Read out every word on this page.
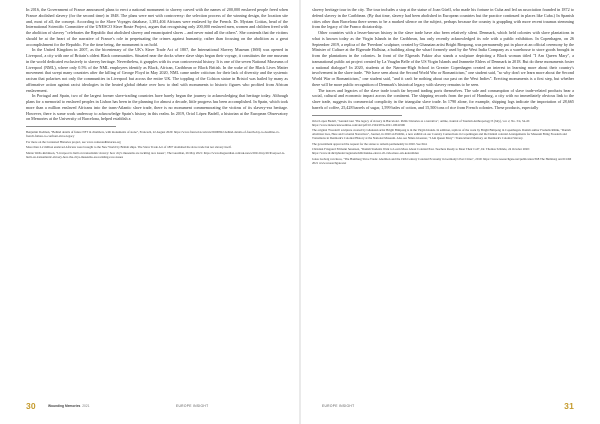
In 2016, the Government of France announced plans to erect a national monument to slavery carved with the names of 200,000 enslaved people freed when France abolished slavery (for the second time) in 1848. The plans were met with controversy: the selection process of the winning design, the location site and, most of all, the concept. According to the Slave Voyages database, 1,381,404 Africans were enslaved by the French. Dr. Myriam Cottias, head of the International Scientific Committee of the UNESCO Slave Route Project, argues that recognising only 200,000 enslaved men, women and children freed with the abolition of slavery "celebrates the Republic that abolished slavery and emancipated slaves – and never mind all the others". She contends that the victims should be at the heart of the narrative of France's role in perpetuating the crimes against humanity, rather than focusing on the abolition as a great accomplishment for the Republic. For the time being, the monument is on hold.

In the United Kingdom in 2007, as the bicentenary of the UK's Slave Trade Act of 1807, the International Slavery Museum (ISM) was opened in Liverpool, a city with one of Britain's oldest Black communities. Situated near the docks where slave ships began their voyage, it constitutes the one museum in the world dedicated exclusively to slavery heritage. Nevertheless, it grapples with its own controversial history. It is one of the seven National Museums of Liverpool (NML), where only 0.5% of the NML employees identify as Black, African, Caribbean or Black British. In the wake of the Black Lives Matter movement that swept many countries after the killing of George Floyd in May 2020, NML came under criticism for their lack of diversity and the systemic racism that polarises not only the communities in Liverpool but across the entire UK. The toppling of the Colston statue in Bristol was hailed by many as affirmative action against racist ideologies in the heated global debate over how to deal with monuments to historic figures who profited from African enslavement.

In Portugal and Spain, two of the largest former slave-trading countries have barely begun the journey to acknowledging that heritage today. Although plans for a memorial to enslaved peoples in Lisbon has been in the planning for almost a decade, little progress has been accomplished. In Spain, which took more than a million enslaved Africans into the trans-Atlantic slave trade, there is no monument commemorating the victims of its slavery-era heritage. However, there is some work underway to acknowledge Spain's history in this realm. In 2019, Oriol López Badell, a historian at the European Observatory on Memories at the University of Barcelona, helped establish a

Benjamin Dodman, "Behind details of future NFT in chambers, with monuments of stone", France24, 22 August 2020: https://www.france24.com/en/20200822-behind-details-of-fourth-day-to-deadline-vs-french-failure-to-confront-slave-legacy
For more on the Contested Histories project, see www.contestedhistories.org
More than 2.2 million enslaved Africans were brought to the New World by British ships. The Slave Trade Act of 1807 abolished the slave trade but not slavery itself.
Maxie Wells-Robinson, "Liverpool is built on transatlantic slavery: how city's museums are tackling race issues", The Guardian, 26 May 2021: https://www.theguardian.com/uk-news/2021/may/26/liverpool-is-built-on-transatlantic-slavery-how-the-citys-museums-are-tackling-race-issues
30	Wounding Memories 2021	EUROPE INSIGHT

slavery heritage tour in the city. The tour includes a stop at the statue of Joan Güell, who made his fortune in Cuba and led an association founded in 1872 to defend slavery in the Caribbean. (By that time, slavery had been abolished in European countries but the practice continued in places like Cuba.) In Spanish cities other than Barcelona there seems to be a marked silence on the subject, perhaps because the country is grappling with more recent traumas stemming from the legacy of the Franco dictatorship.

Other countries with a lesser-known history in the slave trade have also been relatively silent. Denmark, which held colonies with slave plantations in what is known today as the Virgin Islands in the Caribbean, has only recently acknowledged its role with a public exhibition. In Copenhagen, on 26 September 2019, a replica of the 'Freedom' sculpture, created by Ghanaian artist Bright Bimpong, was permanently put in place at an official ceremony by the Minister of Culture at the Elgreade Hallstaa, a building along the wharf formerly used by the West India Company as a warehouse to store goods brought in from the plantations in the colonies. In front of the Elgreads Faktor also stands a sculpture depicting a Black woman titled "I Am Queen Mary", a transnational public art project created by La Vaughn Belle of the US Virgin Islands and Jeannette Ehlers of Denmark in 2018. But do these monuments foster a national dialogue? In 2020, students at the Nørrum-High School in Greater Copenhagen created an interest in learning more about their country's involvement in the slave trade. "We have seen about the Second World War or Romanticism," one student said, "so why don't we learn more about the Second World War or Romanticism," one student said, "and it can't be nothing about our past on the West Indies". Erecting monuments is a first step, but whether there will be more public recognition of Denmark's historical legacy with slavery remains to be seen.

The traces and legacies of the slave trade touch far beyond trading ports themselves. The sale and consumption of slave trade-related products bear a social, cultural and economic impact across the continent. The shipping records from the port of Hamburg, a city with no immediately obvious link to the slave trade, suggests its commercial complicity in the triangular slave trade. In 1790 alone, for example, shipping logs indicate the importation of 28,665 barrels of coffee, 25,428 barrels of sugar, 1,599 bales of cotton, and 15,500 tons of rice from French colonies. These products, especially

Oriol López Badell, "Ganded tour 'The legacy of slavery in Barcelona'. Public histories as a narrative", online, Journal of Tourism Anthropology 8 (July), vol. 2, No. 3/4, 34-45: https://www.inderscienceonline.com/doi/pdf/10.1504/IJTA.2021.10041996
The original 'Freedom' sculpture created by Ghanaian artist Bright Bimpong is in the Virgin Islands. In addition, replicas of the work by Bright Bimpong in Copenhagen. Danish author Frederik Rhink, "Danish Abolition Lies, Here and Colonial Narratives", Journal, in 2020 an Exhibit, a new exhibit on our Country Connections in Copenhagen and the Danish colonial Arrangements for Museum Bring Freedom and Transitions in Denmark's Colonial History at the National Museum. Also see Ninna Glaesner, "I Am Queen Mary": Transcultural Memory on Denmark's Colonial Slavery.
The government approved the request for the statue to remain permanently in 2020. See Ibid.
Christian Frisgaard Frimann Sørensen, "Danish Students Want to Learn More About Colonial Past. Teachers Ready to Meet Their Call", Dr. Thomas Schmöe, 24 October 2020: https://www.dr.dk/nyheder/regionale/kbh/danske-elever-vil-vide-mere-om-kolonitiden
Jonas Ludwig von Rosa, "The Hamburg Slave Trade: Abolition and the 19th Century Colonial Economy in Germany's Port Cities", 2019: https://www.researchgate.net/publication/368 The Hamburg and ICOM 2021 www.researchgate.net
EUROPE INSIGHT	31
